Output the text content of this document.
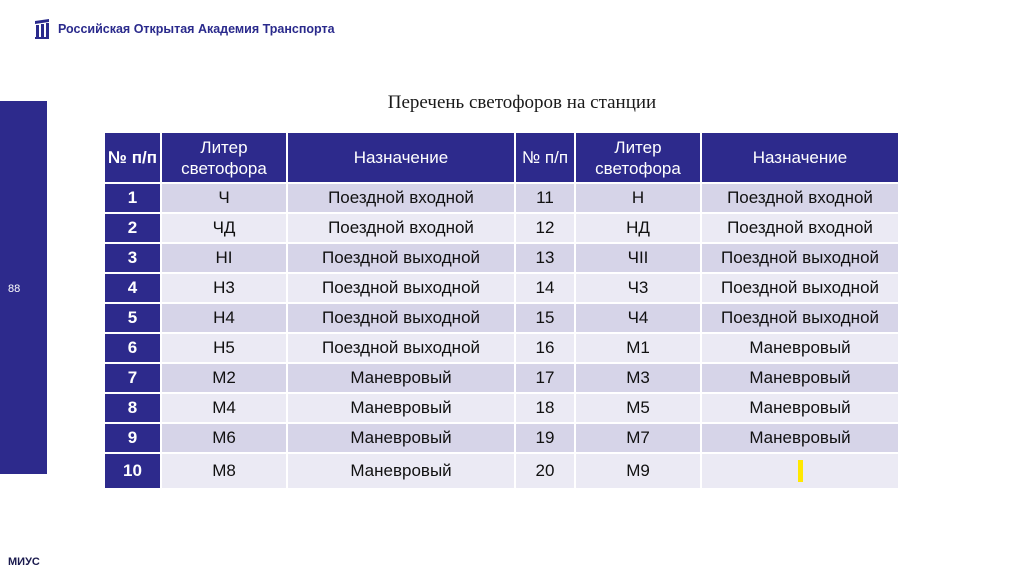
Российская Открытая Академия Транспорта
88
МИУС
Перечень светофоров на станции
№ п/п	Литер светофора	Назначение	№ п/п	Литер светофора	Назначение
1	Ч	Поездной входной	11	Н	Поездной входной
2	ЧД	Поездной входной	12	НД	Поездной входной
3	НI	Поездной выходной	13	ЧII	Поездной выходной
4	Н3	Поездной выходной	14	Ч3	Поездной выходной
5	Н4	Поездной выходной	15	Ч4	Поездной выходной
6	Н5	Поездной выходной	16	М1	Маневровый
7	М2	Маневровый	17	М3	Маневровый
8	М4	Маневровый	18	М5	Маневровый
9	М6	Маневровый	19	М7	Маневровый
10	М8	Маневровый	20	М9	
